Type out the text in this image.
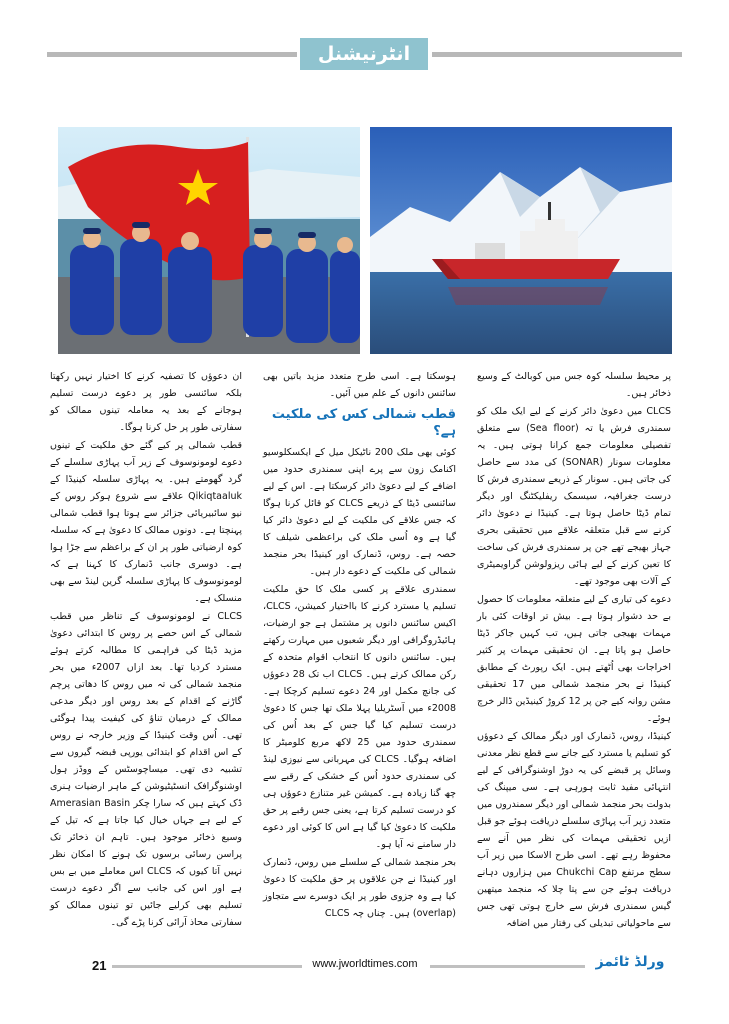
انٹرنیشنل

ان دعوؤں کا تصفیہ کرنے کا اختیار نہیں رکھتا بلکہ سائنسی طور پر دعوے درست تسلیم ہوجانے کے بعد یہ معاملہ تینوں ممالک کو سفارتی طور پر حل کرنا ہوگا۔

قطب شمالی پر کیے گئے حق ملکیت کے تینوں دعوے لومونوسوف کے زیر آب پہاڑی سلسلے کے گرد گھومتے ہیں۔ یہ پہاڑی سلسلہ کینیڈا کے Qikiqtaaluk علاقے سے شروع ہوکر روس کے نیو سائبیریائی جزائر سے ہوتا ہوا قطب شمالی پہنچتا ہے۔ دونوں ممالک کا دعویٰ ہے کہ سلسلہ کوہ ارضیاتی طور پر ان کے براعظم سے جڑا ہوا ہے۔ دوسری جانب ڈنمارک کا کہنا ہے کہ لومونوسوف کا پہاڑی سلسلہ گرین لینڈ سے بھی منسلک ہے۔

CLCS نے لومونوسوف کے تناظر میں قطب شمالی کے اس حصے پر روس کا ابتدائی دعویٰ مزید ڈیٹا کی فراہمی کا مطالبہ کرتے ہوئے مسترد کردیا تھا۔ بعد ازاں 2007ء میں بحر منجمد شمالی کی تہ میں روس کا دھاتی پرچم گاڑنے کے اقدام کے بعد روس اور دیگر مدعی ممالک کے درمیان تناؤ کی کیفیت پیدا ہوگئی تھی۔ اُس وقت کینیڈا کے وزیر خارجہ نے روس کے اس اقدام کو ابتدائی یورپی قبضہ گیروں سے تشبیہ دی تھی۔ میساچوسٹس کے ووڈز ہول اوشنوگرافک انسٹیٹیوشن کے ماہر ارضیات ہنری ڈک کہتے ہیں کہ سارا چکر Amerasian Basin کے لیے ہے جہاں خیال کیا جاتا ہے کہ تیل کے وسیع ذخائر موجود ہیں۔ تاہم ان ذخائر تک پراسن رسائی برسوں تک ہونے کا امکان نظر نہیں آتا کیوں کہ CLCS اس معاملے میں بے بس ہے اور اس کی جانب سے اگر دعوے درست تسلیم بھی کرلیے جائیں تو تینوں ممالک کو سفارتی محاذ آرائی کرنا پڑے گی۔

ہوسکتا ہے۔ اسی طرح متعدد مزید باتیں بھی سائنس دانوں کے علم میں آئیں۔

قطب شمالی کس کی ملکیت ہے؟

کوئی بھی ملک 200 ناٹیکل میل کے ایکسکلوسیو اکنامک زون سے پرے اپنی سمندری حدود میں اضافے کے لیے دعویٰ دائر کرسکتا ہے۔ اس کے لیے سائنسی ڈیٹا کے ذریعے CLCS کو قائل کرنا ہوگا کہ جس علاقے کی ملکیت کے لیے دعویٰ دائر کیا گیا ہے وہ اُسی ملک کی براعظمی شیلف کا حصہ ہے۔ روس، ڈنمارک اور کینیڈا بحر منجمد شمالی کی ملکیت کے دعوے دار ہیں۔

سمندری علاقے پر کسی ملک کا حق ملکیت تسلیم یا مسترد کرنے کا بااختیار کمیشن، CLCS، اکیس سائنس دانوں پر مشتمل ہے جو ارضیات، ہائیڈروگرافی اور دیگر شعبوں میں مہارت رکھتے ہیں۔ سائنس دانوں کا انتخاب اقوام متحدہ کے رکن ممالک کرتے ہیں۔ CLCS اب تک 28 دعوؤں کی جانچ مکمل اور 24 دعوے تسلیم کرچکا ہے۔ 2008ء میں آسٹریلیا پہلا ملک تھا جس کا دعویٰ درست تسلیم کیا گیا جس کے بعد اُس کی سمندری حدود میں 25 لاکھ مربع کلومیٹر کا اضافہ ہوگیا۔ CLCS کی مہربانی سے نیوزی لینڈ کی سمندری حدود اُس کے خشکی کے رقبے سے چھ گنا زیادہ ہے۔ کمیشن غیر متنازع دعوؤں ہی کو درست تسلیم کرتا ہے، یعنی جس رقبے پر حق ملکیت کا دعویٰ کیا گیا ہے اس کا کوئی اور دعوے دار سامنے نہ آیا ہو۔

بحر منجمد شمالی کے سلسلے میں روس، ڈنمارک اور کینیڈا نے جن علاقوں پر حق ملکیت کا دعویٰ کیا ہے وہ جزوی طور پر ایک دوسرے سے متجاوز (overlap) ہیں۔ چناں چہ CLCS

پر محیط سلسلہ کوہ جس میں کوبالٹ کے وسیع ذخائر ہیں۔

CLCS میں دعویٰ دائر کرنے کے لیے ایک ملک کو سمندری فرش یا تہ (Sea floor) سے متعلق تفصیلی معلومات جمع کرانا ہوتی ہیں۔ یہ معلومات سونار (SONAR) کی مدد سے حاصل کی جاتی ہیں۔ سونار کے ذریعے سمندری فرش کا درست جغرافیہ، سیسمک ریفلیکٹنگ اور دیگر تمام ڈیٹا حاصل ہوتا ہے۔ کینیڈا نے دعویٰ دائر کرنے سے قبل متعلقہ علاقے میں تحقیقی بحری جہاز بھیجے تھے جن پر سمندری فرش کی ساخت کا تعین کرنے کے لیے ہائی ریزولوشن گراویمیٹری کے آلات بھی موجود تھے۔

دعوے کی تیاری کے لیے متعلقہ معلومات کا حصول بے حد دشوار ہوتا ہے۔ بیش تر اوقات کئی بار مہمات بھیجی جاتی ہیں، تب کہیں جاکر ڈیٹا حاصل ہو پاتا ہے۔ ان تحقیقی مہمات پر کثیر اخراجات بھی اُٹھتے ہیں۔ ایک رپورٹ کے مطابق کینیڈا نے بحر منجمد شمالی میں 17 تحقیقی مشن روانہ کیے جن پر 12 کروڑ کینیڈین ڈالر خرچ ہوئے۔

کینیڈا، روس، ڈنمارک اور دیگر ممالک کے دعوؤں کو تسلیم یا مسترد کیے جانے سے قطع نظر معدنی وسائل پر قبضے کی یہ دوڑ اوشنوگرافی کے لیے انتہائی مفید ثابت ہورہی ہے۔ سی میپنگ کی بدولت بحر منجمد شمالی اور دیگر سمندروں میں متعدد زیر آب پہاڑی سلسلے دریافت ہوئے جو قبل ازیں تحقیقی مہمات کی نظر میں آنے سے محفوظ رہے تھے۔ اسی طرح الاسکا میں زیر آب سطح مرتفع Chukchi Cap میں ہزاروں دہانے دریافت ہوئے جن سے پتا چلا کہ منجمد میتھین گیس سمندری فرش سے خارج ہوتی تھی جس سے ماحولیاتی تبدیلی کی رفتار میں اضافہ

21	www.jworldtimes.com	ورلڈ ٹائمز
